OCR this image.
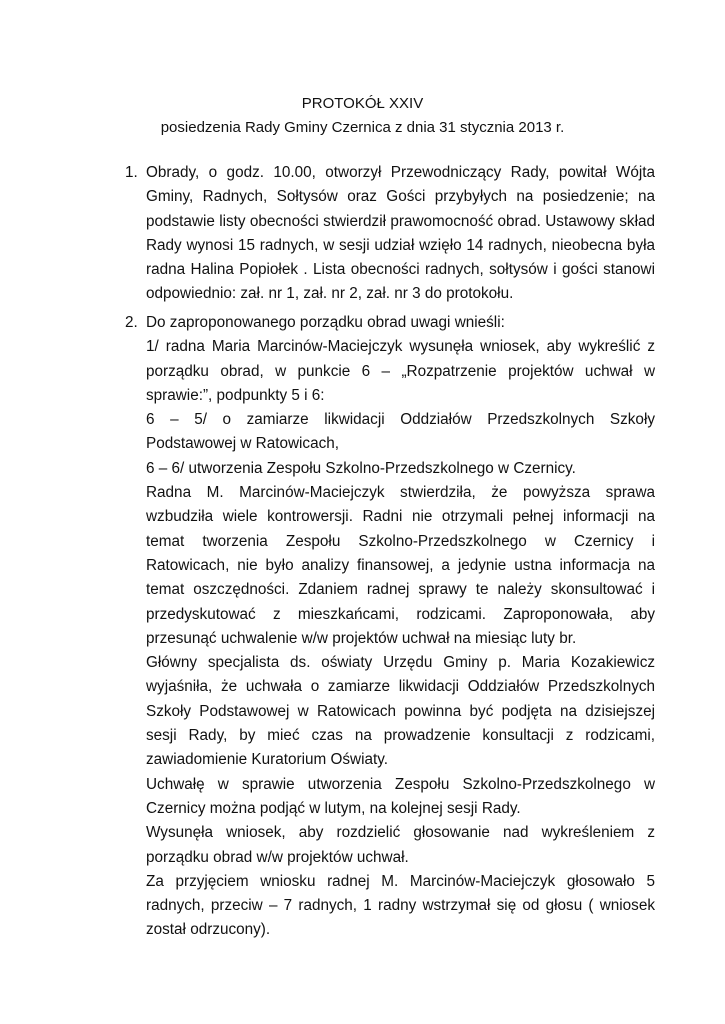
PROTOKÓŁ XXIV
posiedzenia Rady Gminy Czernica z dnia 31 stycznia 2013 r.
1. Obrady, o godz. 10.00, otworzył Przewodniczący Rady, powitał Wójta Gminy, Radnych, Sołtysów oraz Gości przybyłych na posiedzenie; na podstawie listy obecności stwierdził prawomocność obrad. Ustawowy skład Rady wynosi 15 radnych, w sesji udział wzięło 14 radnych, nieobecna była radna Halina Popiołek . Lista obecności radnych, sołtysów i gości stanowi odpowiednio: zał. nr 1, zał. nr 2, zał. nr 3 do protokołu.

2. Do zaproponowanego porządku obrad uwagi wnieśli:

1/ radna Maria Marcinów-Maciejczyk wysunęła wniosek, aby wykreślić z porządku obrad, w punkcie 6 – „Rozpatrzenie projektów uchwał w sprawie:”, podpunkty 5 i 6:

6 – 5/ o zamiarze likwidacji Oddziałów Przedszkolnych Szkoły Podstawowej w Ratowicach,

6 – 6/ utworzenia Zespołu Szkolno-Przedszkolnego w Czernicy.

Radna M. Marcinów-Maciejczyk stwierdziła, że powyższa sprawa wzbudziła wiele kontrowersji. Radni nie otrzymali pełnej informacji na temat tworzenia Zespołu Szkolno-Przedszkolnego w Czernicy i Ratowicach, nie było analizy finansowej, a jedynie ustna informacja na temat oszczędności. Zdaniem radnej sprawy te należy skonsultować i przedyskutować z mieszkańcami, rodzicami. Zaproponowała, aby przesunąć uchwalenie w/w projektów uchwał na miesiąc luty br.

Główny specjalista ds. oświaty Urzędu Gminy p. Maria Kozakiewicz wyjaśniła, że uchwała o zamiarze likwidacji Oddziałów Przedszkolnych Szkoły Podstawowej w Ratowicach powinna być podjęta na dzisiejszej sesji Rady, by mieć czas na prowadzenie konsultacji z rodzicami, zawiadomienie Kuratorium Oświaty.

Uchwałę w sprawie utworzenia Zespołu Szkolno-Przedszkolnego w Czernicy można podjąć w lutym, na kolejnej sesji Rady.

Wysunęła wniosek, aby rozdzielić głosowanie nad wykreśleniem z porządku obrad w/w projektów uchwał.

Za przyjęciem wniosku radnej M. Marcinów-Maciejczyk głosowało 5 radnych, przeciw – 7 radnych, 1 radny wstrzymał się od głosu ( wniosek został odrzucony).
